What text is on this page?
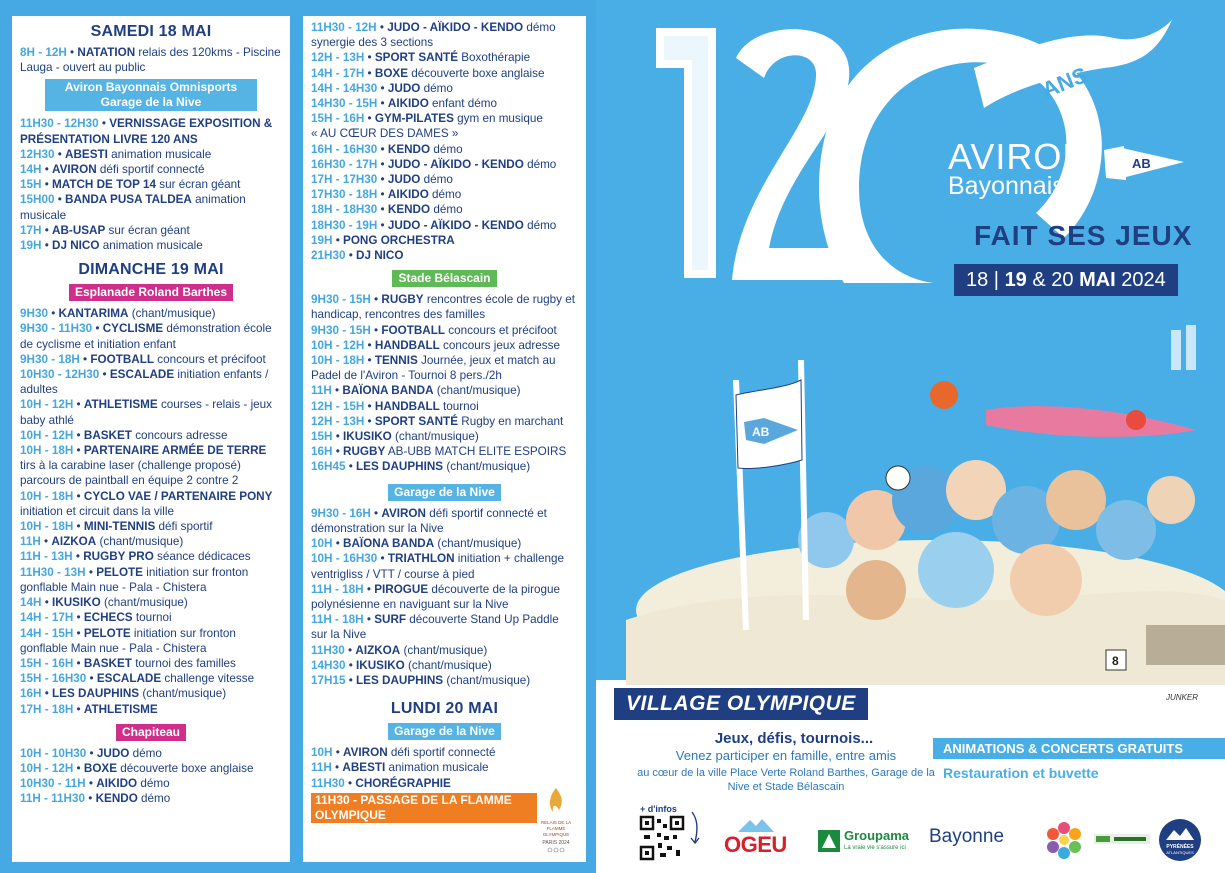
SAMEDI 18 MAI
8H - 12H • NATATION relais des 120kms - Piscine Lauga - ouvert au public
Aviron Bayonnais Omnisports Garage de la Nive
11H30 - 12H30 • VERNISSAGE EXPOSITION & PRÉSENTATION LIVRE 120 ANS
12H30 • ABESTI animation musicale
14H • AVIRON défi sportif connecté
15H • MATCH DE TOP 14 sur écran géant
15H00 • BANDA PUSA TALDEA animation musicale
17H • AB-USAP sur écran géant
19H • DJ NICO animation musicale
DIMANCHE 19 MAI
Esplanade Roland Barthes
9H30 • KANTARIMA (chant/musique)
9H30 - 11H30 • CYCLISME démonstration école de cyclisme et initiation enfant
9H30 - 18H • FOOTBALL concours et précifoot
10H30 - 12H30 • ESCALADE initiation enfants / adultes
10H - 12H • ATHLETISME courses - relais - jeux baby athlé
10H - 12H • BASKET concours adresse
10H - 18H • PARTENAIRE ARMÉE DE TERRE tirs à la carabine laser (challenge proposé) parcours de paintball en équipe 2 contre 2
10H - 18H • CYCLO VAE / PARTENAIRE PONY initiation et circuit dans la ville
10H - 18H • MINI-TENNIS défi sportif
11H • AIZKOA (chant/musique)
11H - 13H • RUGBY PRO séance dédicaces
11H30 - 13H • PELOTE initiation sur fronton gonflable Main nue - Pala - Chistera
14H • IKUSIKO (chant/musique)
14H - 17H • ECHECS tournoi
14H - 15H • PELOTE initiation sur fronton gonflable Main nue - Pala - Chistera
15H - 16H • BASKET tournoi des familles
15H - 16H30 • ESCALADE challenge vitesse
16H • LES DAUPHINS (chant/musique)
17H - 18H • ATHLETISME
Chapiteau
10H - 10H30 • JUDO démo
10H - 12H • BOXE découverte boxe anglaise
10H30 - 11H • AIKIDO démo
11H - 11H30 • KENDO démo
11H30 - 12H • JUDO - AÏKIDO - KENDO démo synergie des 3 sections
12H - 13H • SPORT SANTÉ Boxothérapie
14H - 17H • BOXE découverte boxe anglaise
14H - 14H30 • JUDO démo
14H30 - 15H • AIKIDO enfant démo
15H - 16H • GYM-PILATES gym en musique
« AU CŒUR DES DAMES »
16H - 16H30 • KENDO démo
16H30 - 17H • JUDO - AÏKIDO - KENDO démo
17H - 17H30 • JUDO démo
17H30 - 18H • AIKIDO démo
18H - 18H30 • KENDO démo
18H30 - 19H • JUDO - AÏKIDO - KENDO démo
19H • PONG ORCHESTRA
21H30 • DJ NICO
Stade Bélascain
9H30 - 15H • RUGBY rencontres école de rugby et handicap, rencontres des familles
9H30 - 15H • FOOTBALL concours et précifoot
10H - 12H • HANDBALL concours jeux adresse
10H - 18H • TENNIS Journée, jeux et match au Padel de l'Aviron - Tournoi 8 pers./2h
11H • BAÏONA BANDA (chant/musique)
12H - 15H • HANDBALL tournoi
12H - 13H • SPORT SANTÉ Rugby en marchant
15H • IKUSIKO (chant/musique)
16H • RUGBY AB-UBB MATCH ELITE ESPOIRS
16H45 • LES DAUPHINS (chant/musique)
Garage de la Nive
9H30 - 16H • AVIRON défi sportif connecté et démonstration sur la Nive
10H • BAÏONA BANDA (chant/musique)
10H - 16H30 • TRIATHLON initiation + challenge ventrigliss / VTT / course à pied
11H - 18H • PIROGUE découverte de la pirogue polynésienne en naviguant sur la Nive
11H - 18H • SURF découverte Stand Up Paddle sur la Nive
11H30 • AIZKOA (chant/musique)
14H30 • IKUSIKO (chant/musique)
17H15 • LES DAUPHINS (chant/musique)
LUNDI 20 MAI
Garage de la Nive
10H • AVIRON défi sportif connecté
11H • ABESTI animation musicale
11H30 • CHORÉGRAPHIE
11H30 - PASSAGE DE LA FLAMME OLYMPIQUE
RELAIS DE LA
FLAMME
OLYMPIQUE
PARIS 2024
ANS
AVIRON
Bayonnais
AB
FAIT SES JEUX
18 | 19 & 20 MAI 2024
AB
8
JUNKER
VILLAGE OLYMPIQUE
Jeux, défis, tournois...
Venez participer en famille, entre amis
au cœur de la ville Place Verte Roland Barthes, Garage de la Nive et Stade Bélascain
ANIMATIONS & CONCERTS GRATUITS
Restauration et buvette
+ d'infos
OGEU	Groupama
La vraie vie s'assure ici
Bayonne	PYRÉNÉES
ATLANTIQUES
